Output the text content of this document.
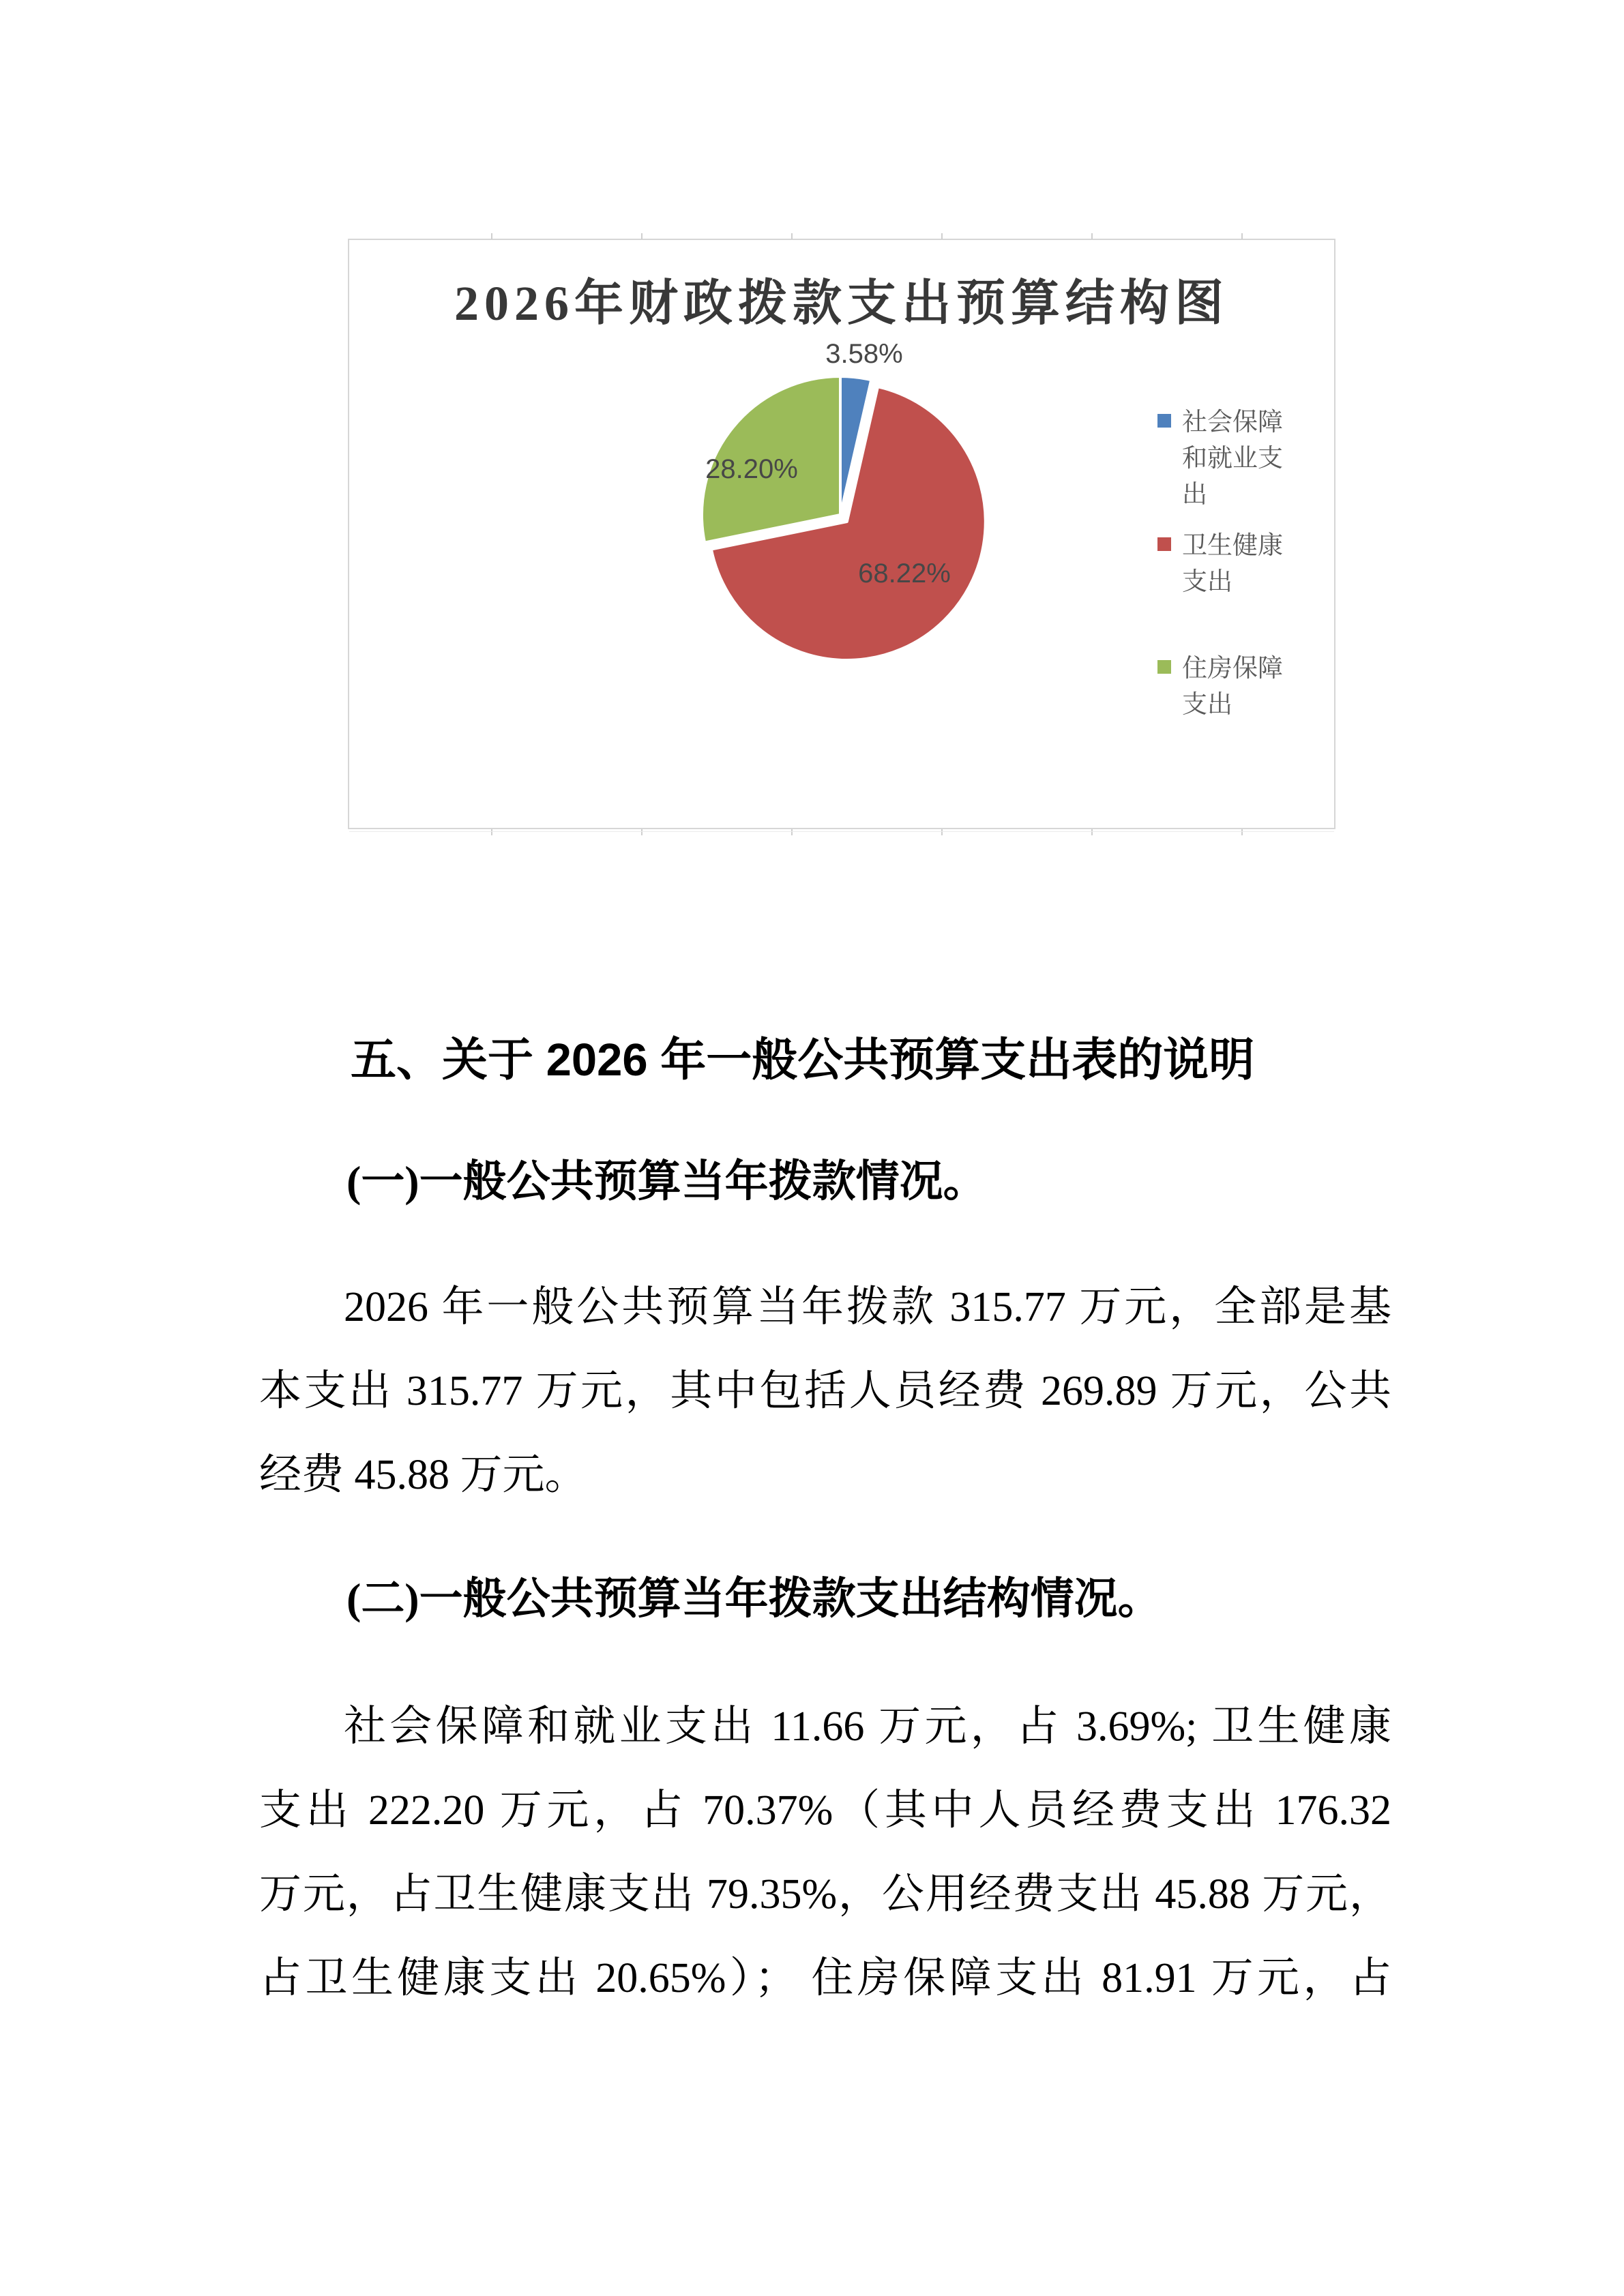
2026年财政拨款支出预算结构图
3.58%
68.22%
28.20%
社会保障
和就业支
出
卫生健康
支出
住房保障
支出
五、关于 2026 年一般公共预算支出表的说明
(一)一般公共预算当年拨款情况。
2026 年一般公共预算当年拨款 315.77 万元，全部是基
本支出 315.77 万元，其中包括人员经费 269.89 万元，公共
经费 45.88 万元。
(二)一般公共预算当年拨款支出结构情况。
社会保障和就业支出 11.66 万元，占 3.69%; 卫生健康
支出 222.20 万元，占 70.37%（其中人员经费支出 176.32
万元，占卫生健康支出 79.35%，公用经费支出 45.88 万元，
占卫生健康支出 20.65%）； 住房保障支出 81.91 万元，占
